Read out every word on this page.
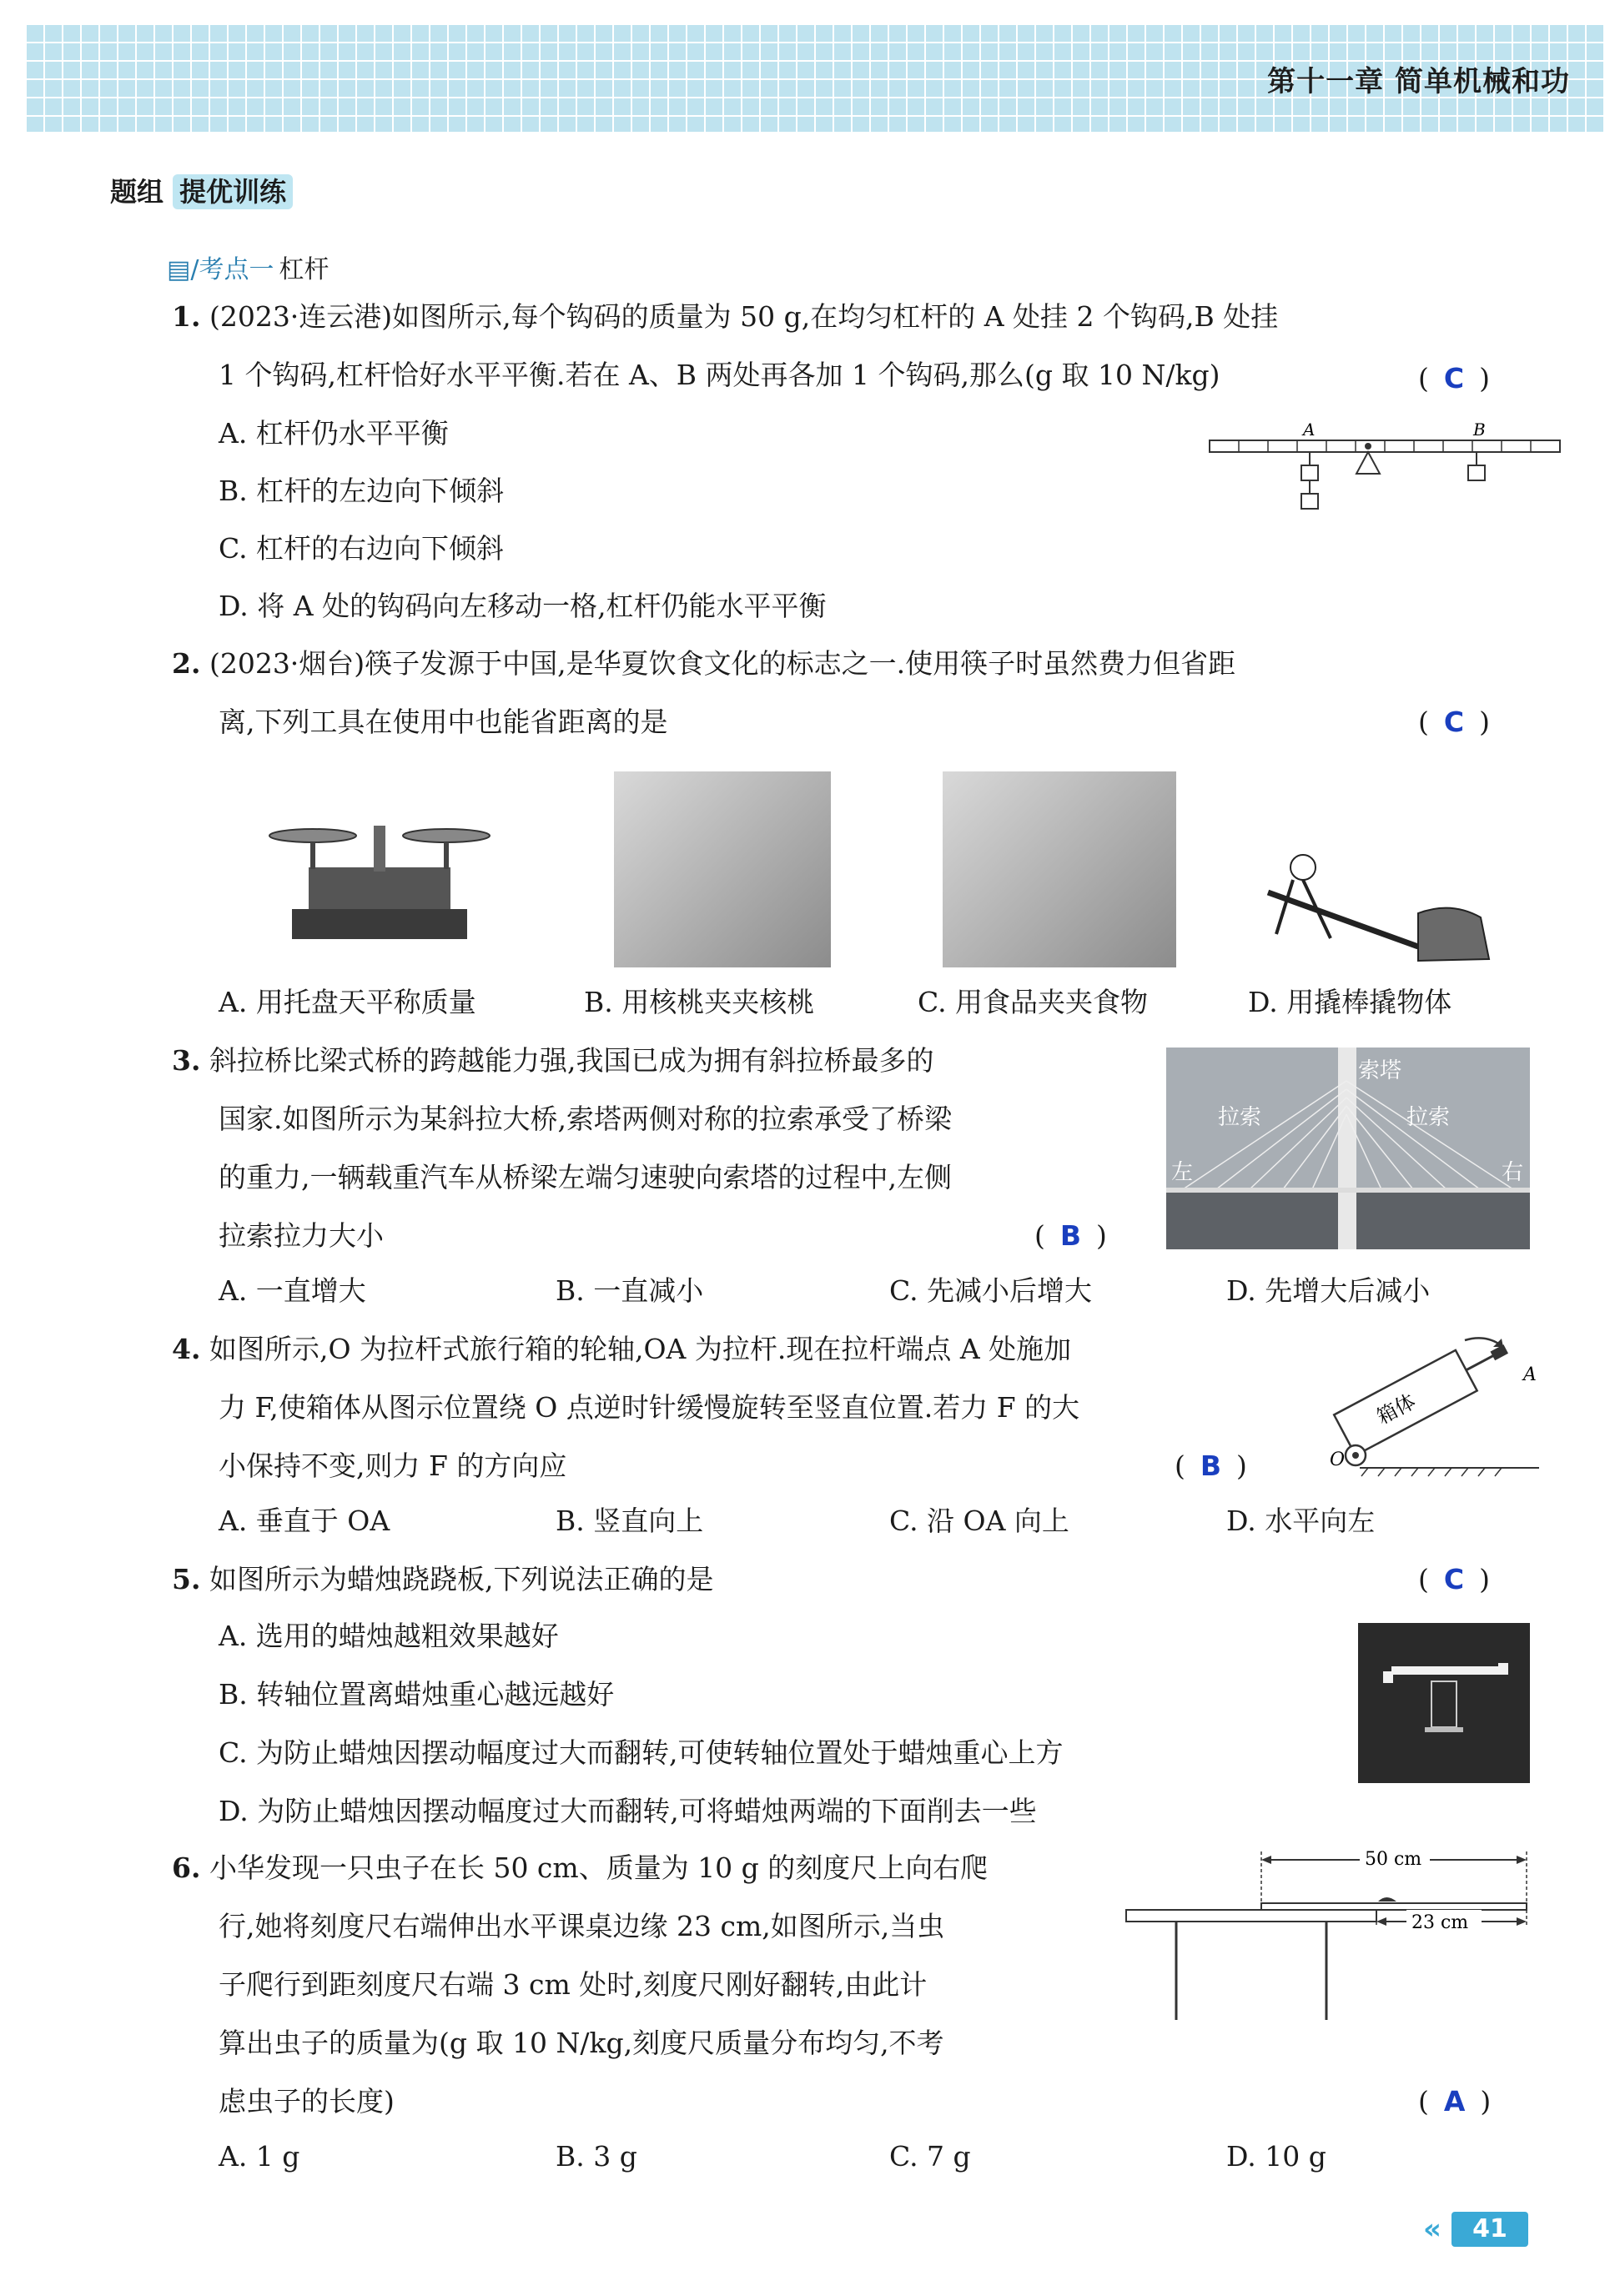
第十一章 简单机械和功
题组 提优训练
▤/考点一 杠杆
1. (2023·连云港)如图所示,每个钩码的质量为 50 g,在均匀杠杆的 A 处挂 2 个钩码,B 处挂
1 个钩码,杠杆恰好水平平衡.若在 A、B 两处再各加 1 个钩码,那么(g 取 10 N/kg)	( C )
A. 杠杆仍水平平衡
B. 杠杆的左边向下倾斜
C. 杠杆的右边向下倾斜
D. 将 A 处的钩码向左移动一格,杠杆仍能水平平衡
A	B
2. (2023·烟台)筷子发源于中国,是华夏饮食文化的标志之一.使用筷子时虽然费力但省距
离,下列工具在使用中也能省距离的是	( C )
A. 用托盘天平称质量	B. 用核桃夹夹核桃	C. 用食品夹夹食物	D. 用撬棒撬物体
3. 斜拉桥比梁式桥的跨越能力强,我国已成为拥有斜拉桥最多的
国家.如图所示为某斜拉大桥,索塔两侧对称的拉索承受了桥梁
的重力,一辆载重汽车从桥梁左端匀速驶向索塔的过程中,左侧
拉索拉力大小	( B )
索塔
拉索	拉索
左	右
A. 一直增大	B. 一直减小	C. 先减小后增大	D. 先增大后减小
4. 如图所示,O 为拉杆式旅行箱的轮轴,OA 为拉杆.现在拉杆端点 A 处施加
力 F,使箱体从图示位置绕 O 点逆时针缓慢旋转至竖直位置.若力 F 的大
小保持不变,则力 F 的方向应	( B )
箱体
O
A
A. 垂直于 OA	B. 竖直向上	C. 沿 OA 向上	D. 水平向左
5. 如图所示为蜡烛跷跷板,下列说法正确的是	( C )
A. 选用的蜡烛越粗效果越好
B. 转轴位置离蜡烛重心越远越好
C. 为防止蜡烛因摆动幅度过大而翻转,可使转轴位置处于蜡烛重心上方
D. 为防止蜡烛因摆动幅度过大而翻转,可将蜡烛两端的下面削去一些
6. 小华发现一只虫子在长 50 cm、质量为 10 g 的刻度尺上向右爬
行,她将刻度尺右端伸出水平课桌边缘 23 cm,如图所示,当虫
子爬行到距刻度尺右端 3 cm 处时,刻度尺刚好翻转,由此计
算出虫子的质量为(g 取 10 N/kg,刻度尺质量分布均匀,不考
虑虫子的长度)	( A )
50 cm
23 cm
A. 1 g	B. 3 g	C. 7 g	D. 10 g
« 41
